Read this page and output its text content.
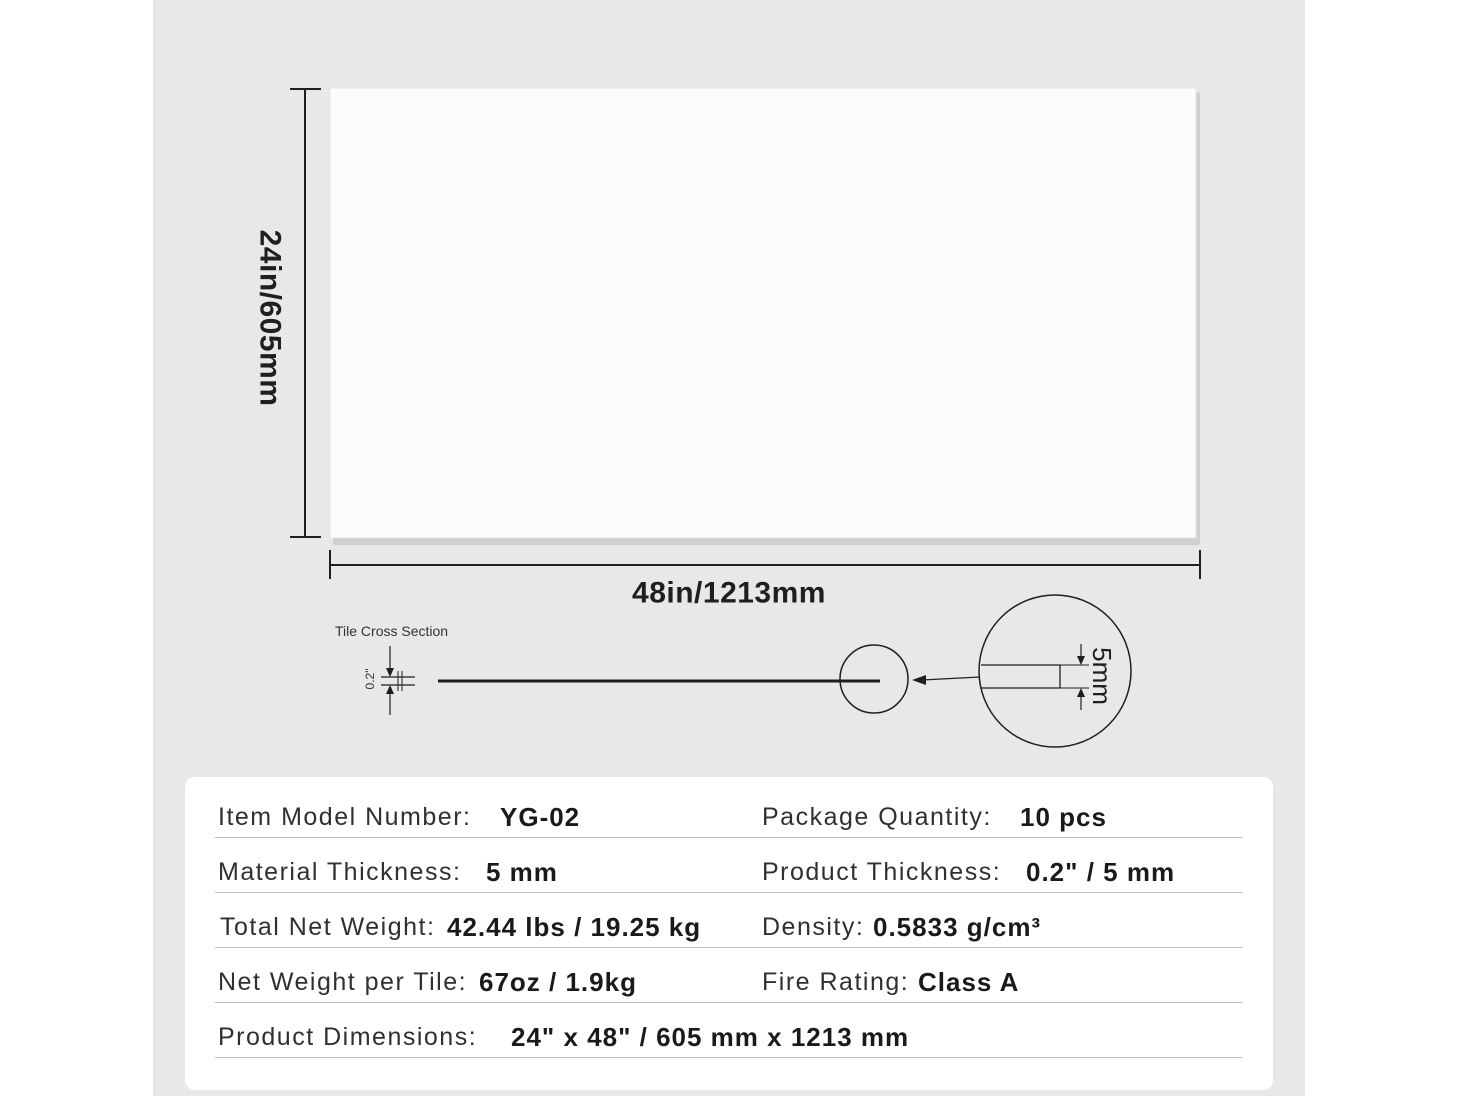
24in/605mm
48in/1213mm
Tile Cross Section
0.2"	5mm
Item Model Number: YG-02	Package Quantity: 10 pcs
Material Thickness: 5 mm	Product Thickness: 0.2" / 5 mm
Total Net Weight: 42.44 lbs / 19.25 kg Density: 0.5833 g/cm³
Net Weight per Tile: 67oz / 1.9kg	Fire Rating: Class A
Product Dimensions: 24" x 48" / 605 mm x 1213 mm
